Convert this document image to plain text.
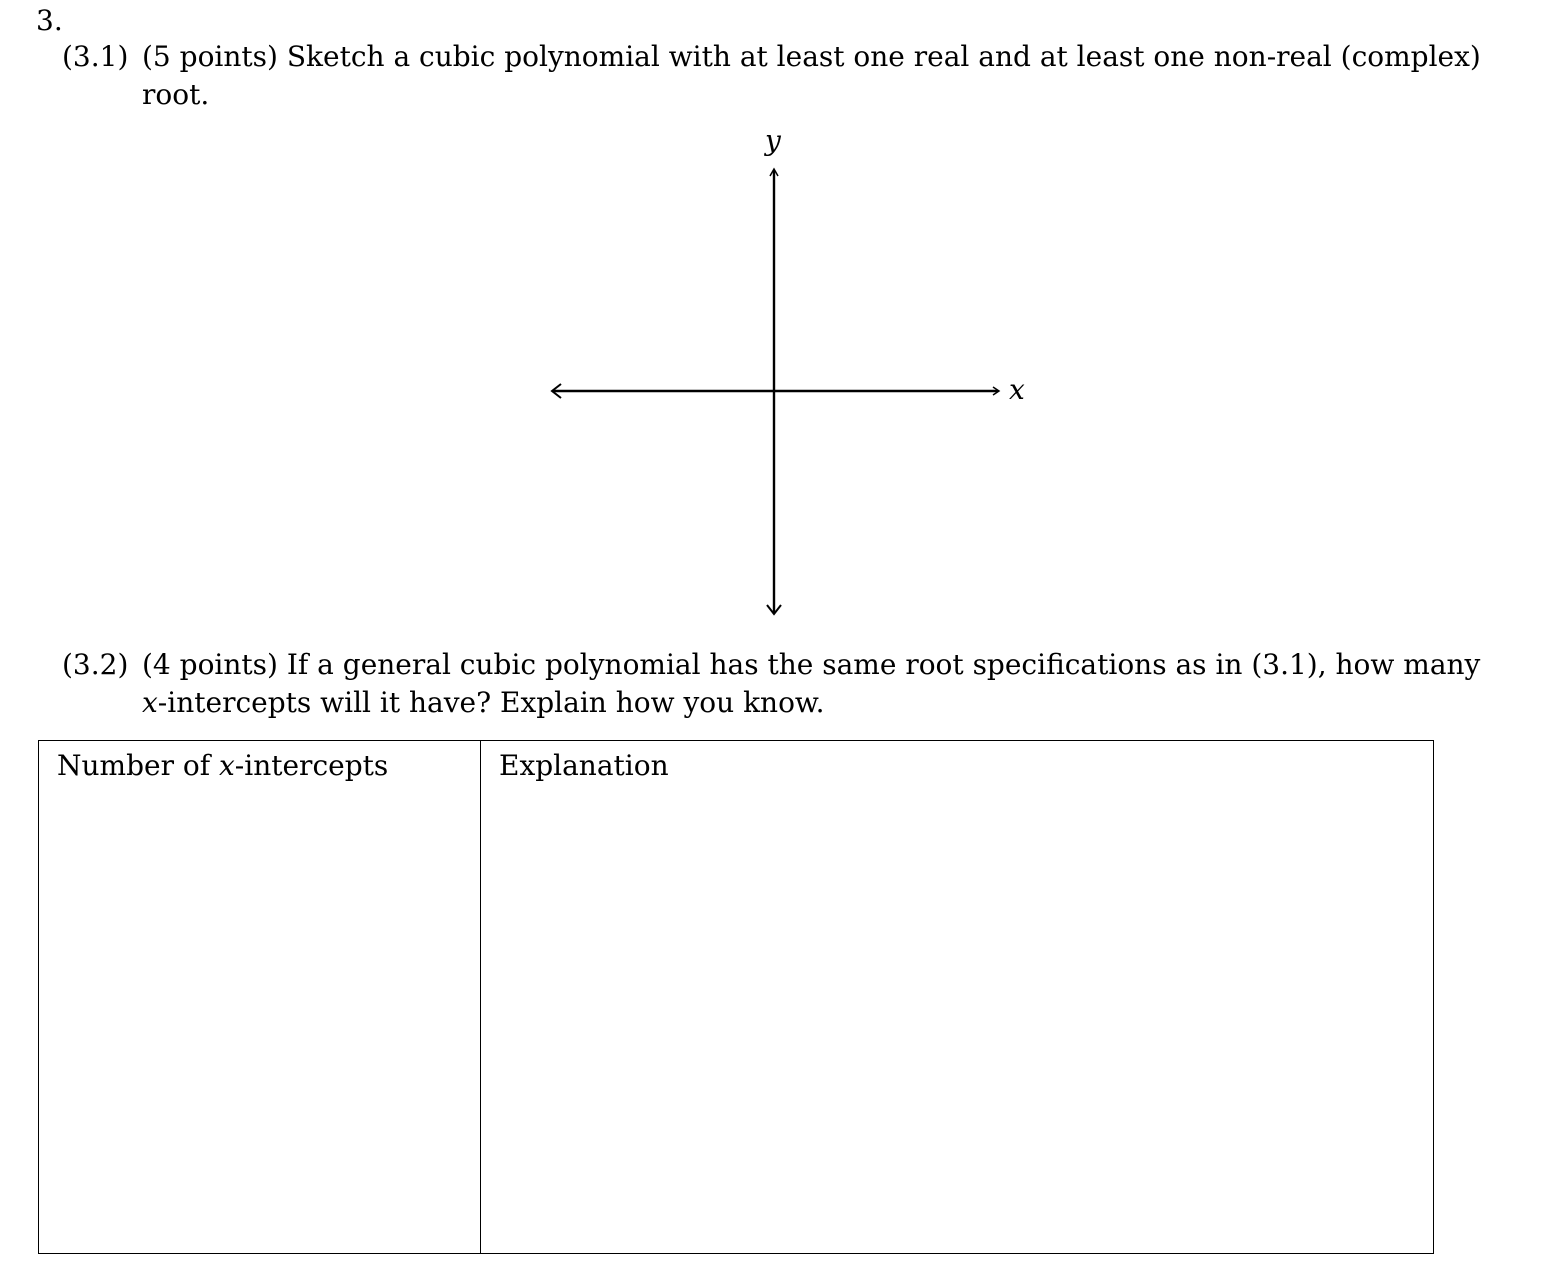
3.
(3.1) (5 points) Sketch a cubic polynomial with at least one real and at least one non-real (complex)
root.
x
y
(3.2) (4 points) If a general cubic polynomial has the same root specifications as in (3.1), how many
x-intercepts will it have? Explain how you know.
Number of x-intercepts	Explanation
